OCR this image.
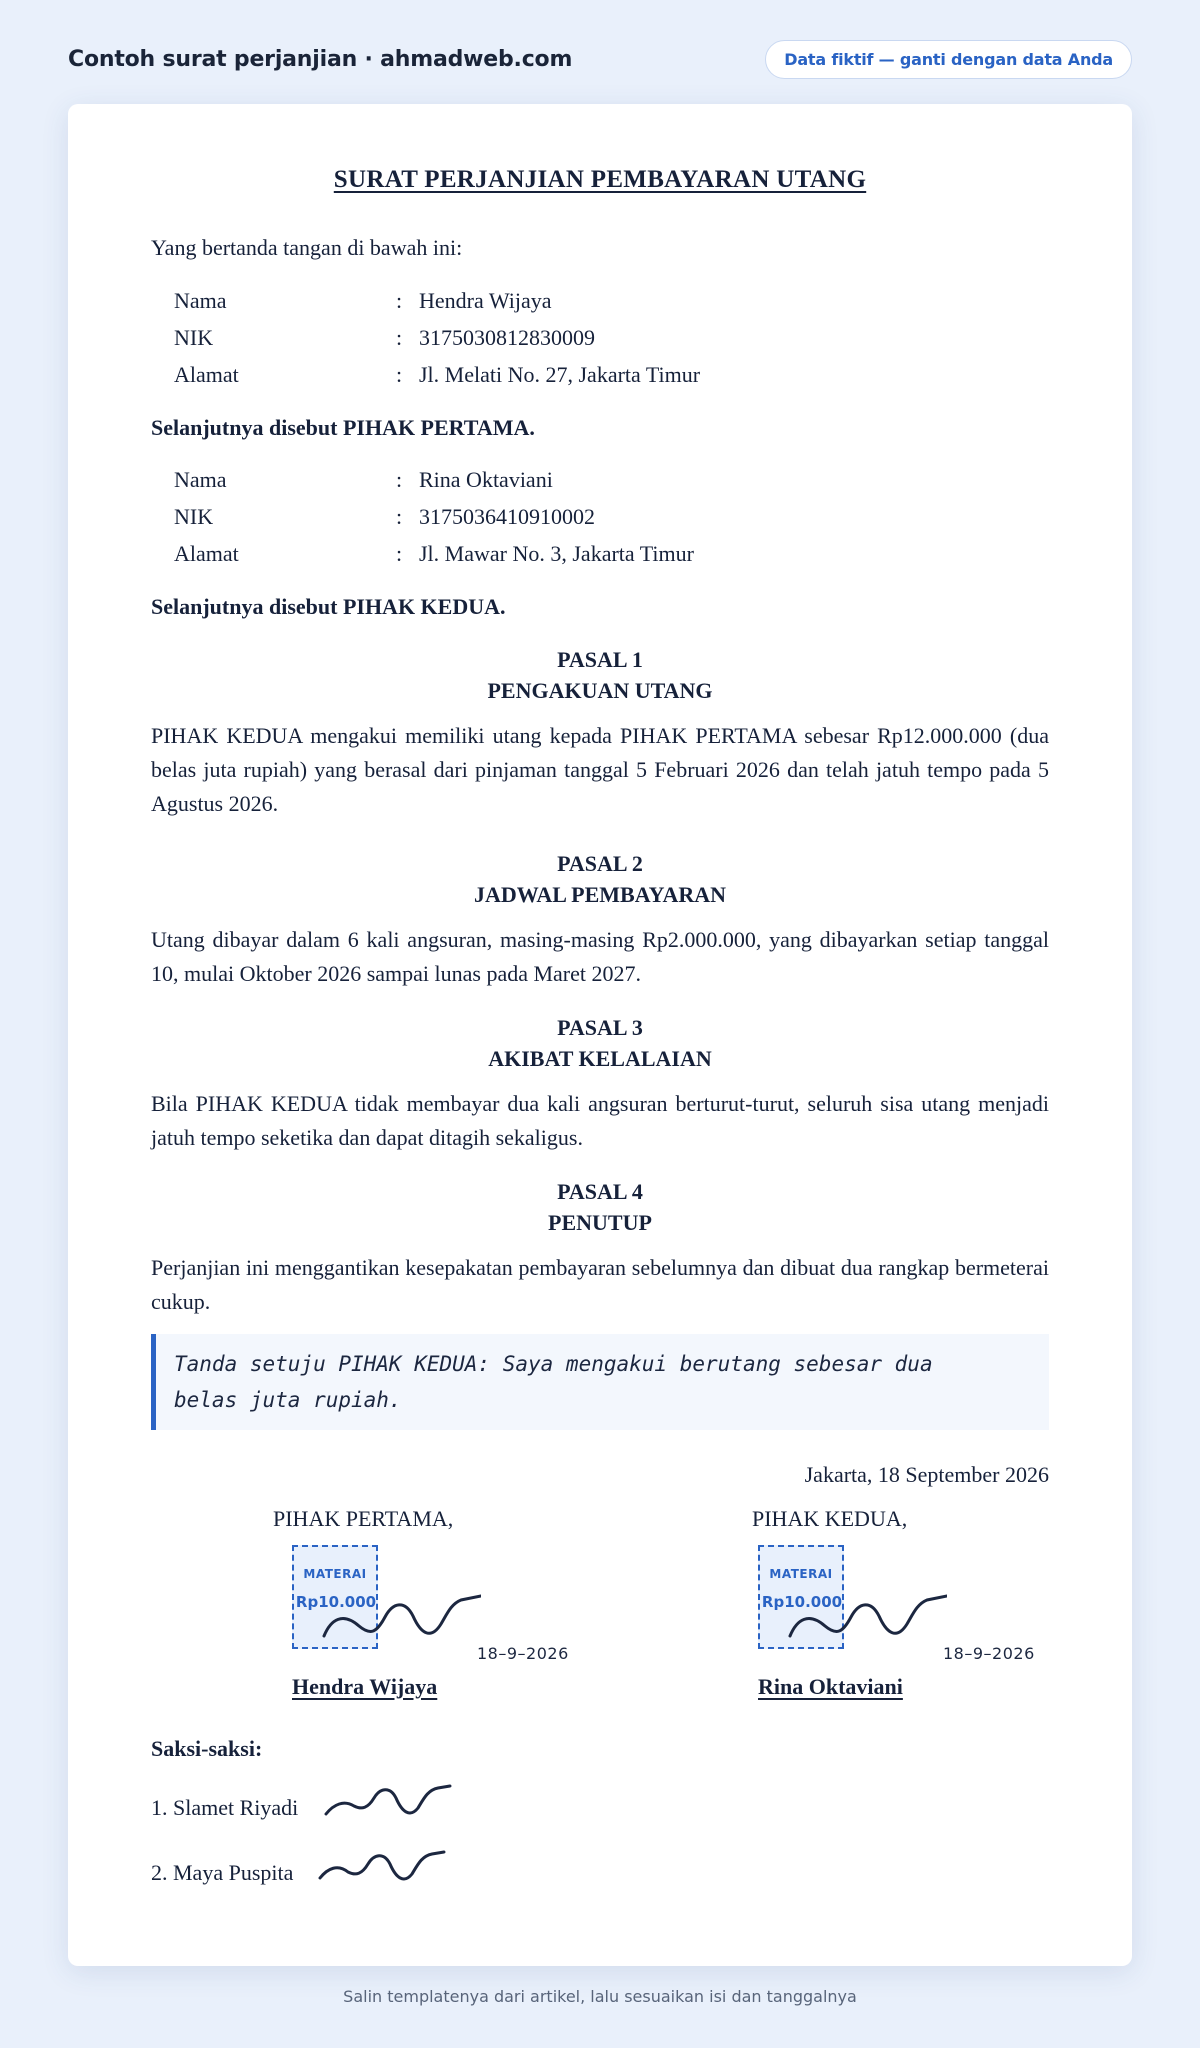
Contoh surat perjanjian · ahmadweb.com	Data fiktif — ganti dengan data Anda
SURAT PERJANJIAN PEMBAYARAN UTANG
Yang bertanda tangan di bawah ini:
Nama	: Hendra Wijaya
NIK	: 3175030812830009
Alamat	: Jl. Melati No. 27, Jakarta Timur
Selanjutnya disebut PIHAK PERTAMA.
Nama	: Rina Oktaviani
NIK	: 3175036410910002
Alamat	: Jl. Mawar No. 3, Jakarta Timur
Selanjutnya disebut PIHAK KEDUA.
PASAL 1
PENGAKUAN UTANG
PIHAK KEDUA mengakui memiliki utang kepada PIHAK PERTAMA sebesar Rp12.000.000 (dua belas juta rupiah) yang berasal dari pinjaman tanggal 5 Februari 2026 dan telah jatuh tempo pada 5 Agustus 2026.
PASAL 2
JADWAL PEMBAYARAN
Utang dibayar dalam 6 kali angsuran, masing-masing Rp2.000.000, yang dibayarkan setiap tanggal 10, mulai Oktober 2026 sampai lunas pada Maret 2027.
PASAL 3
AKIBAT KELALAIAN
Bila PIHAK KEDUA tidak membayar dua kali angsuran berturut-turut, seluruh sisa utang menjadi jatuh tempo seketika dan dapat ditagih sekaligus.
PASAL 4
PENUTUP
Perjanjian ini menggantikan kesepakatan pembayaran sebelumnya dan dibuat dua rangkap bermeterai cukup.
Tanda setuju PIHAK KEDUA: Saya mengakui berutang sebesar dua belas juta rupiah.
Jakarta, 18 September 2026
PIHAK PERTAMA,
MATERAI
Rp10.000
18–9–2026
Hendra Wijaya
PIHAK KEDUA,
MATERAI
Rp10.000
18–9–2026
Rina Oktaviani
Saksi-saksi:
1. Slamet Riyadi
2. Maya Puspita
Salin templatenya dari artikel, lalu sesuaikan isi dan tanggalnya
